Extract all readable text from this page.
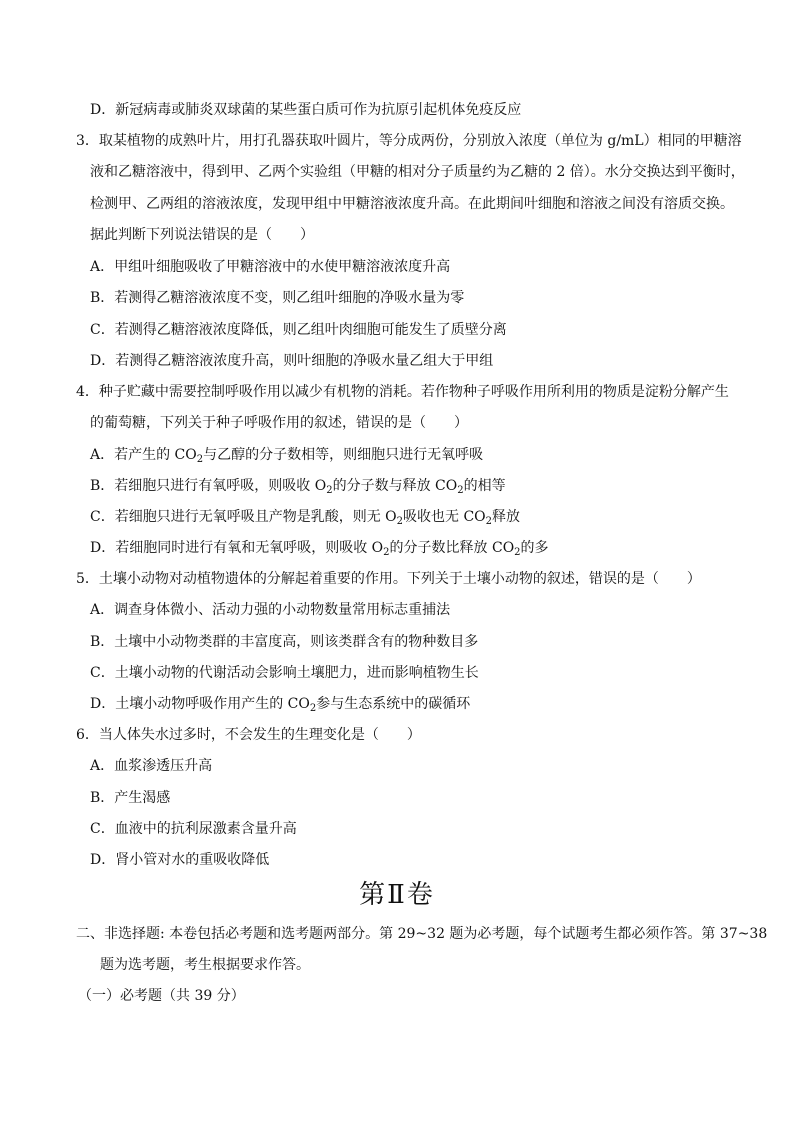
D．新冠病毒或肺炎双球菌的某些蛋白质可作为抗原引起机体免疫反应
3．取某植物的成熟叶片，用打孔器获取叶圆片，等分成两份，分别放入浓度（单位为 g/mL）相同的甲糖溶
液和乙糖溶液中，得到甲、乙两个实验组（甲糖的相对分子质量约为乙糖的 2 倍）。水分交换达到平衡时，
检测甲、乙两组的溶液浓度，发现甲组中甲糖溶液浓度升高。在此期间叶细胞和溶液之间没有溶质交换。
据此判断下列说法错误的是（　　）
A．甲组叶细胞吸收了甲糖溶液中的水使甲糖溶液浓度升高
B．若测得乙糖溶液浓度不变，则乙组叶细胞的净吸水量为零
C．若测得乙糖溶液浓度降低，则乙组叶肉细胞可能发生了质壁分离
D．若测得乙糖溶液浓度升高，则叶细胞的净吸水量乙组大于甲组
4．种子贮藏中需要控制呼吸作用以减少有机物的消耗。若作物种子呼吸作用所利用的物质是淀粉分解产生
的葡萄糖，下列关于种子呼吸作用的叙述，错误的是（　　）
A．若产生的 $CO_2$与乙醇的分子数相等，则细胞只进行无氧呼吸
B．若细胞只进行有氧呼吸，则吸收 $O_2$的分子数与释放 $CO_2$的相等
C．若细胞只进行无氧呼吸且产物是乳酸，则无 $O_2$吸收也无 $CO_2$释放
D．若细胞同时进行有氧和无氧呼吸，则吸收 $O_2$的分子数比释放 $CO_2$的多
5．土壤小动物对动植物遗体的分解起着重要的作用。下列关于土壤小动物的叙述，错误的是（　　）
A．调查身体微小、活动力强的小动物数量常用标志重捕法
B．土壤中小动物类群的丰富度高，则该类群含有的物种数目多
C．土壤小动物的代谢活动会影响土壤肥力，进而影响植物生长
D．土壤小动物呼吸作用产生的 $CO_2$参与生态系统中的碳循环
6．当人体失水过多时，不会发生的生理变化是（　　）
A．血浆渗透压升高
B．产生渴感
C．血液中的抗利尿激素含量升高
D．肾小管对水的重吸收降低
第Ⅱ卷
二、非选择题: 本卷包括必考题和选考题两部分。第 29~32 题为必考题，每个试题考生都必须作答。第 37~38
题为选考题，考生根据要求作答。
（一）必考题（共 39 分）
